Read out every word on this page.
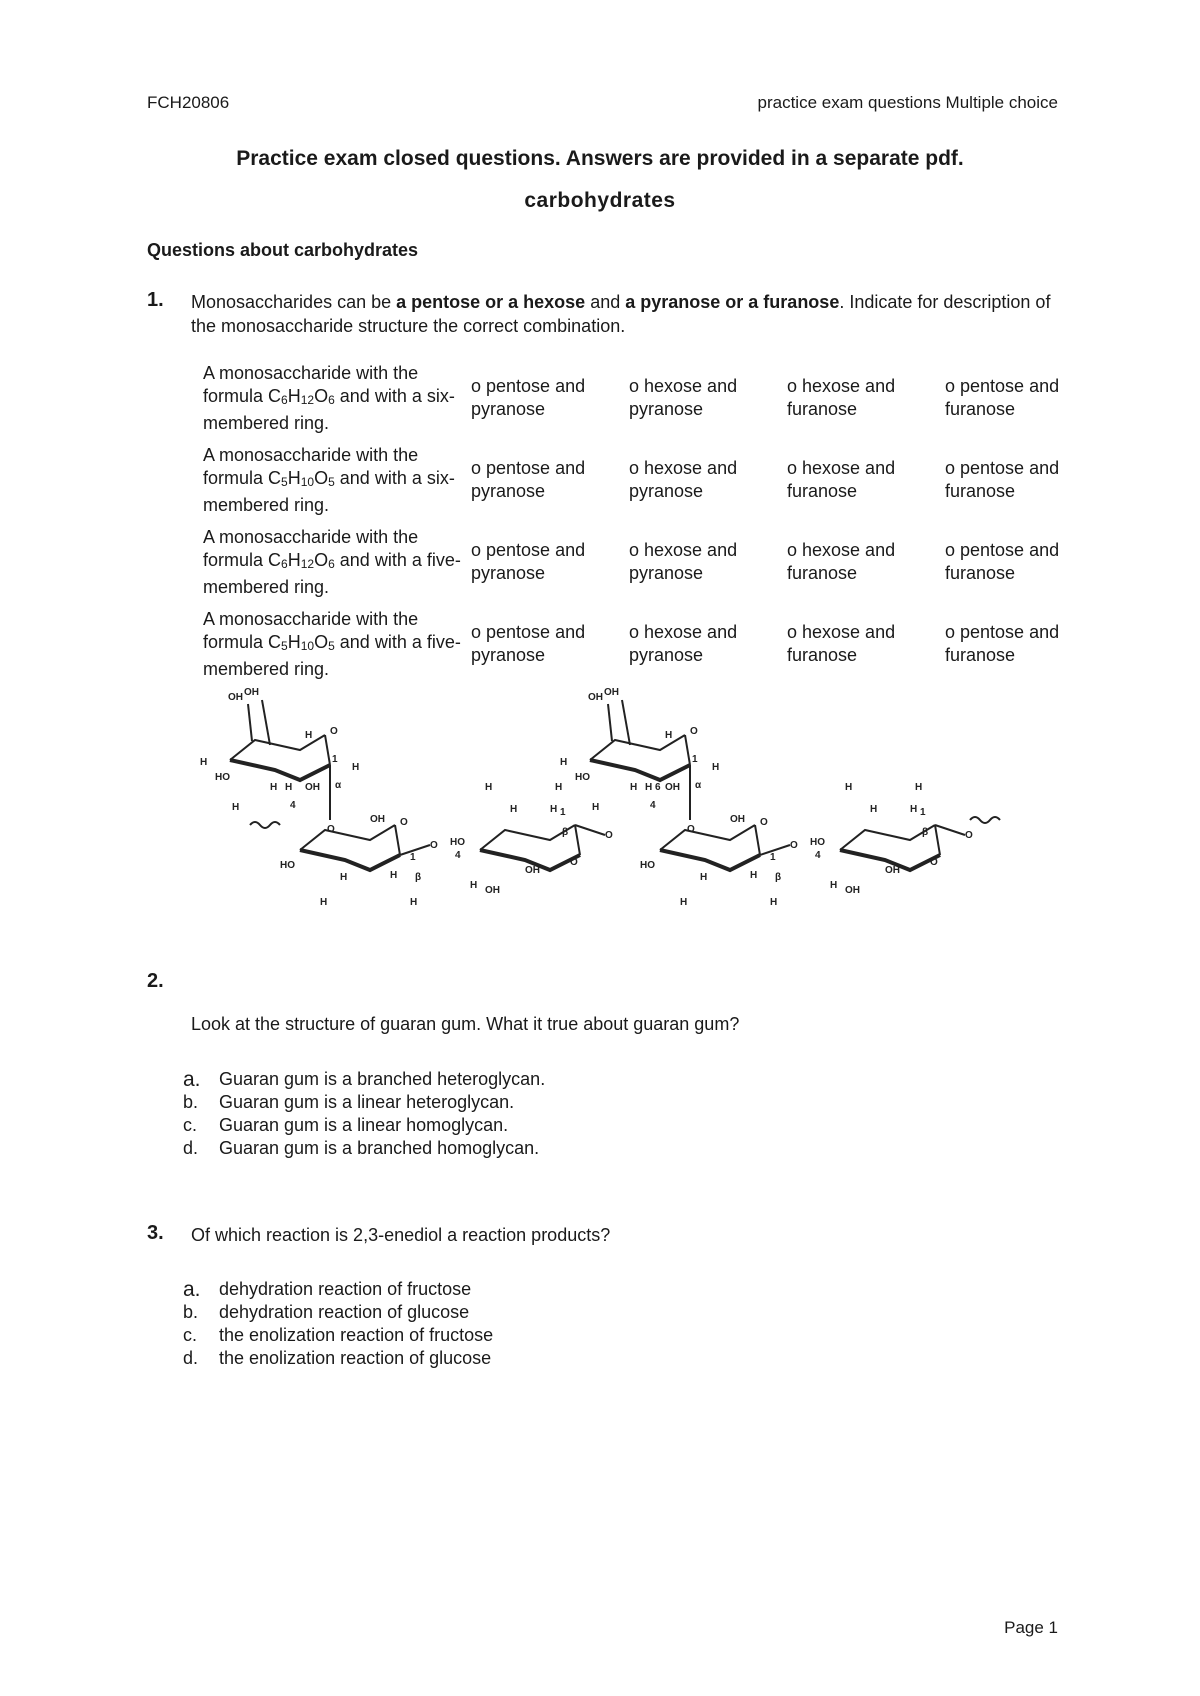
FCH20806	practice exam questions Multiple choice
Practice exam closed questions. Answers are provided in a separate pdf.
carbohydrates
Questions about carbohydrates
1. Monosaccharides can be a pentose or a hexose and a pyranose or a furanose. Indicate for description of the monosaccharide structure the correct combination.
A monosaccharide with the formula $C_6H_{12}O_6$ and with a six-membered ring.	o pentose and pyranose	o hexose and pyranose	o hexose and furanose	o pentose and furanose
A monosaccharide with the formula $C_5H_{10}O_5$ and with a six-membered ring.	o pentose and pyranose	o hexose and pyranose	o hexose and furanose	o pentose and furanose
A monosaccharide with the formula $C_6H_{12}O_6$ and with a five-membered ring.	o pentose and pyranose	o hexose and pyranose	o hexose and furanose	o pentose and furanose
A monosaccharide with the formula $C_5H_{10}O_5$ and with a five-membered ring.	o pentose and pyranose	o hexose and pyranose	o hexose and furanose	o pentose and furanose
OH OH
H O
H
HO
H	OH
1
H
α
H
O
OH OH
H O
H
HO
H	OH
1
H
α
H
O
4
H
OH O
HO
H	H
1
β
H
H
O
4
H
OH O
HO
H	H
1
β
H
H
O
H
H	H
H
1
β
HO
4
OH
O
H OH
O
H
H	H
H
1
β
HO
4
OH
O
H OH
O
6
2.
Look at the structure of guaran gum. What it true about guaran gum?
a.	Guaran gum is a branched heteroglycan.
b.	Guaran gum is a linear heteroglycan.
c.	Guaran gum is a linear homoglycan.
d.	Guaran gum is a branched homoglycan.
3. Of which reaction is 2,3-enediol a reaction products?
a.	dehydration reaction of fructose
b.	dehydration reaction of glucose
c.	the enolization reaction of fructose
d.	the enolization reaction of glucose
Page 1
